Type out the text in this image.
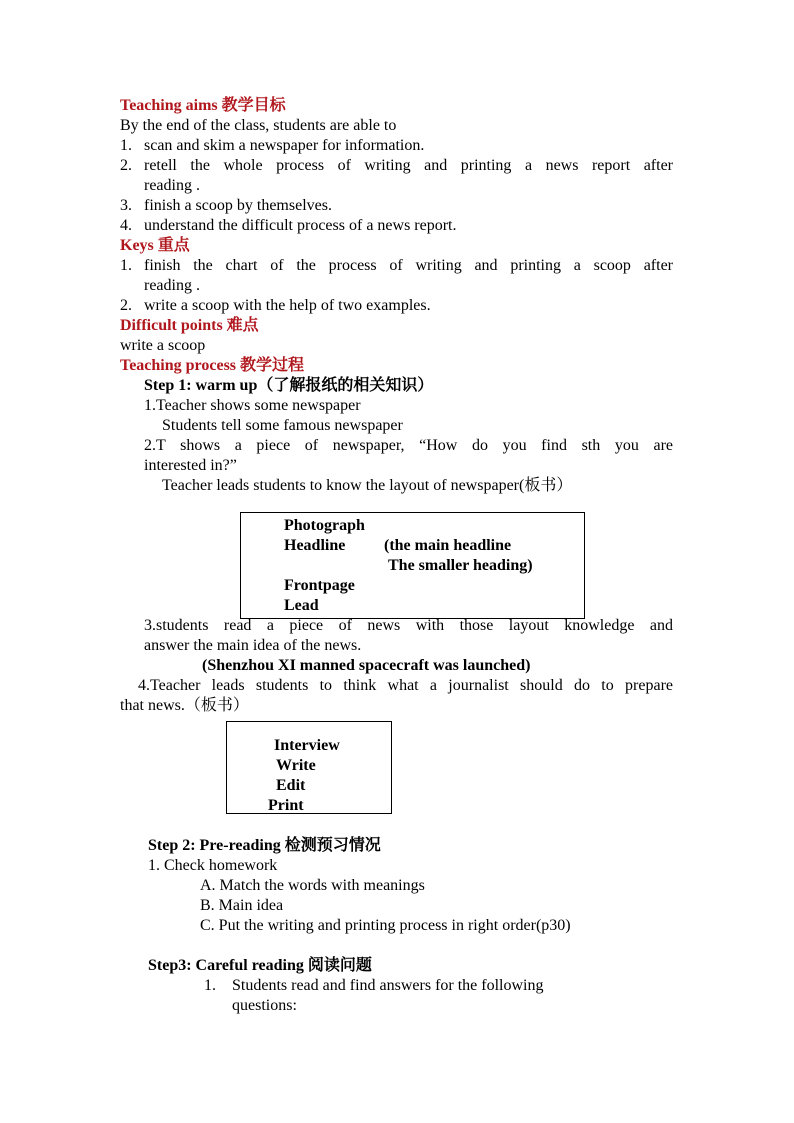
Teaching aims 教学目标
By the end of the class, students are able to
1. scan and skim a newspaper for information.
2. retell the whole process of writing and printing a news report after
reading .
3. finish a scoop by themselves.
4. understand the difficult process of a news report.
Keys 重点
1. finish the chart of the process of writing and printing a scoop after
reading .
2. write a scoop with the help of two examples.
Difficult points 难点
write a scoop
Teaching process 教学过程
Step 1: warm up（了解报纸的相关知识）
1.Teacher shows some newspaper
Students tell some famous newspaper
2.T shows a piece of newspaper, “How do you find sth you are
interested in?”
Teacher leads students to know the layout of newspaper(板书）
Photograph
Headline (the main headline
The smaller heading)
Frontpage
Lead
3.students read a piece of news with those layout knowledge and
answer the main idea of the news.
(Shenzhou XI manned spacecraft was launched)
4.Teacher leads students to think what a journalist should do to prepare
that news.（板书）
Interview
Write
Edit
Print
Step 2: Pre-reading 检测预习情况
1. Check homework
A. Match the words with meanings
B. Main idea
C. Put the writing and printing process in right order(p30)
Step3: Careful reading 阅读问题
1. Students read and find answers for the following
questions:
